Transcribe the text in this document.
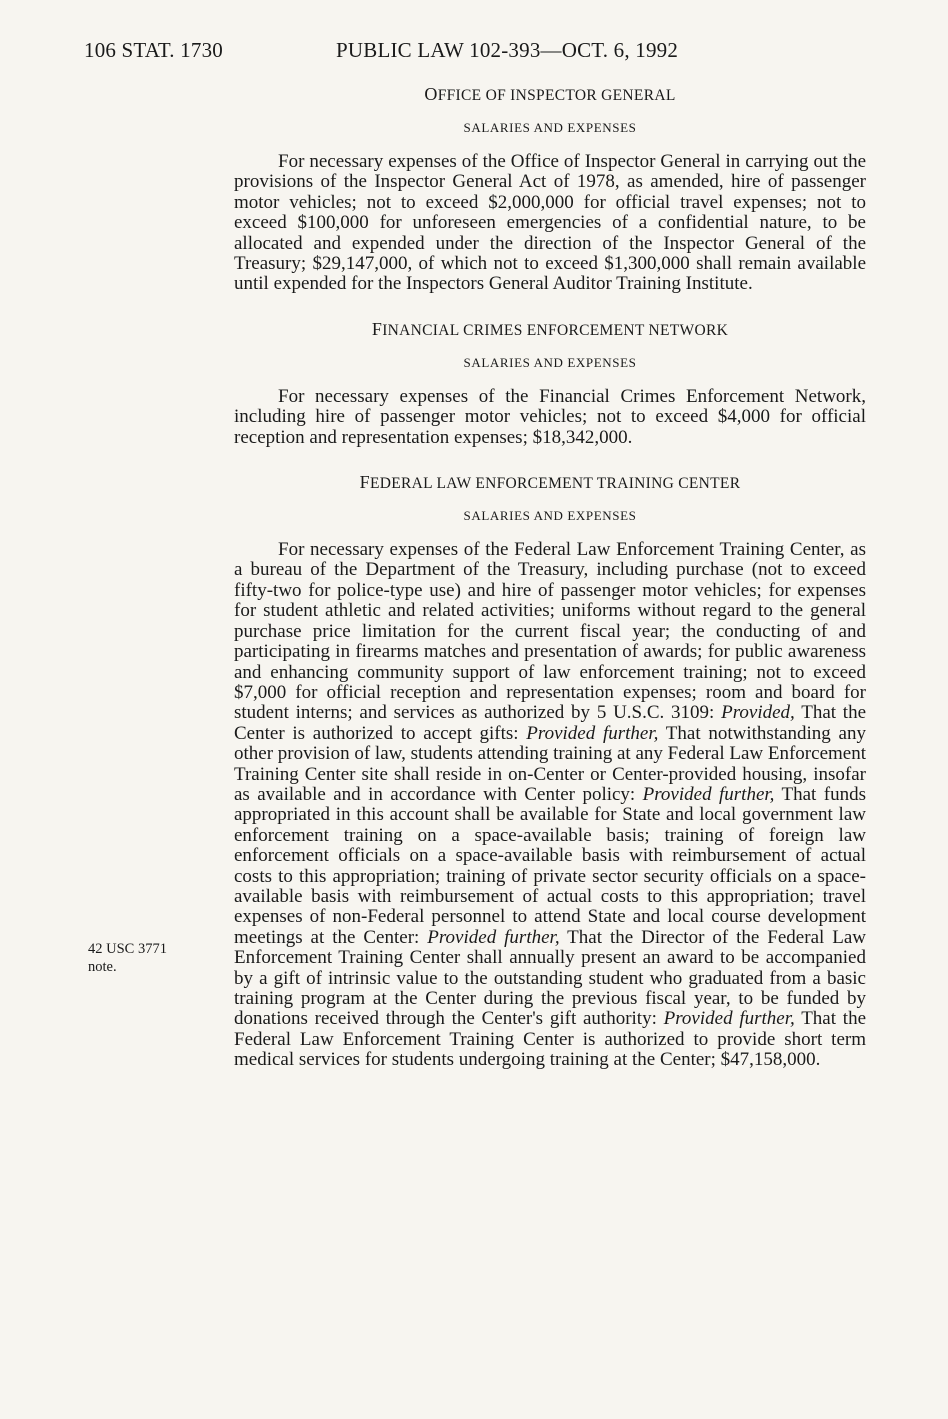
106 STAT. 1730	PUBLIC LAW 102-393—OCT. 6, 1992
42 USC 3771
note.
OFFICE OF INSPECTOR GENERAL
SALARIES AND EXPENSES

For necessary expenses of the Office of Inspector General in carrying out the provisions of the Inspector General Act of 1978, as amended, hire of passenger motor vehicles; not to exceed $2,000,000 for official travel expenses; not to exceed $100,000 for unforeseen emergencies of a confidential nature, to be allocated and expended under the direction of the Inspector General of the Treasury; $29,147,000, of which not to exceed $1,300,000 shall remain available until expended for the Inspectors General Auditor Training Institute.

FINANCIAL CRIMES ENFORCEMENT NETWORK
SALARIES AND EXPENSES

For necessary expenses of the Financial Crimes Enforcement Network, including hire of passenger motor vehicles; not to exceed $4,000 for official reception and representation expenses; $18,342,000.

FEDERAL LAW ENFORCEMENT TRAINING CENTER
SALARIES AND EXPENSES

For necessary expenses of the Federal Law Enforcement Training Center, as a bureau of the Department of the Treasury, including purchase (not to exceed fifty-two for police-type use) and hire of passenger motor vehicles; for expenses for student athletic and related activities; uniforms without regard to the general purchase price limitation for the current fiscal year; the conducting of and participating in firearms matches and presentation of awards; for public awareness and enhancing community support of law enforcement training; not to exceed $7,000 for official reception and representation expenses; room and board for student interns; and services as authorized by 5 U.S.C. 3109: Provided, That the Center is authorized to accept gifts: Provided further, That notwithstanding any other provision of law, students attending training at any Federal Law Enforcement Training Center site shall reside in on-Center or Center-provided housing, insofar as available and in accordance with Center policy: Provided further, That funds appropriated in this account shall be available for State and local government law enforcement training on a space-available basis; training of foreign law enforcement officials on a space-available basis with reimbursement of actual costs to this appropriation; training of private sector security officials on a space-available basis with reimbursement of actual costs to this appropriation; travel expenses of non-Federal personnel to attend State and local course development meetings at the Center: Provided further, That the Director of the Federal Law Enforcement Training Center shall annually present an award to be accompanied by a gift of intrinsic value to the outstanding student who graduated from a basic training program at the Center during the previous fiscal year, to be funded by donations received through the Center's gift authority: Provided further, That the Federal Law Enforcement Training Center is authorized to provide short term medical services for students undergoing training at the Center; $47,158,000.
